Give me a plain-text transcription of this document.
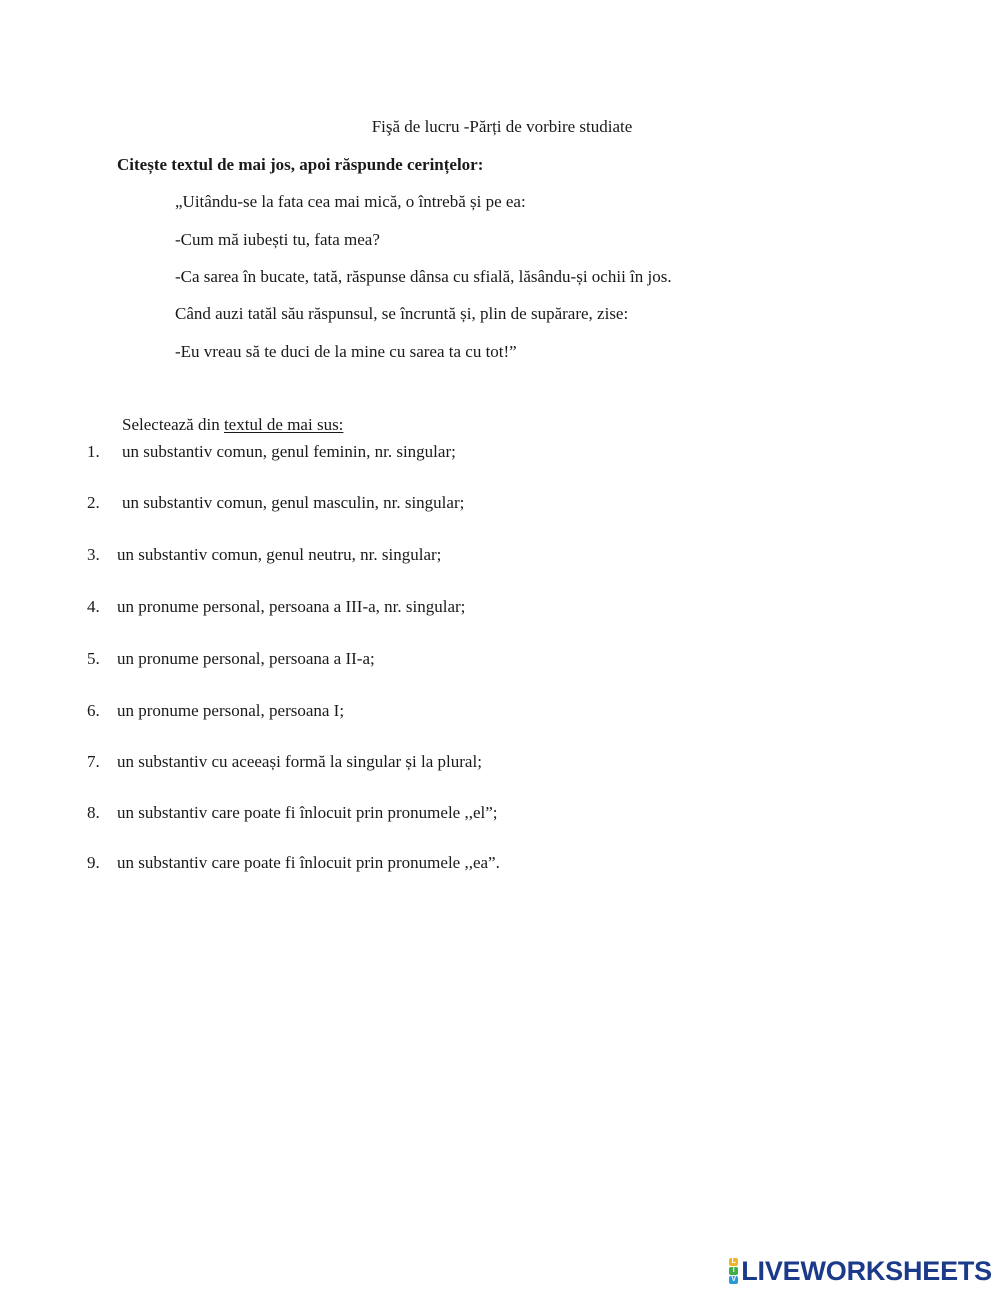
Fişă de lucru -Părți de vorbire studiate
Citește textul de mai jos, apoi răspunde cerințelor:
„Uitându-se la fata cea mai mică, o întrebă și pe ea:
-Cum mă iubești tu, fata mea?
-Ca sarea în bucate, tată, răspunse dânsa cu sfială, lăsându-și ochii în jos.
Când auzi tatăl său răspunsul, se încruntă și, plin de supărare, zise:
-Eu vreau să te duci de la mine cu sarea ta cu tot!”
Selectează din textul de mai sus:
1. un substantiv comun, genul feminin, nr. singular;
2. un substantiv comun, genul masculin, nr. singular;
3. un substantiv comun, genul neutru, nr. singular;
4. un pronume personal, persoana a III-a, nr. singular;
5. un pronume personal, persoana a II-a;
6. un pronume personal, persoana I;
7. un substantiv cu aceeași formă la singular și la plural;
8. un substantiv care poate fi înlocuit prin pronumele ,,el”;
9. un substantiv care poate fi înlocuit prin pronumele ,,ea”.
L
I
V LIVEWORKSHEETS
